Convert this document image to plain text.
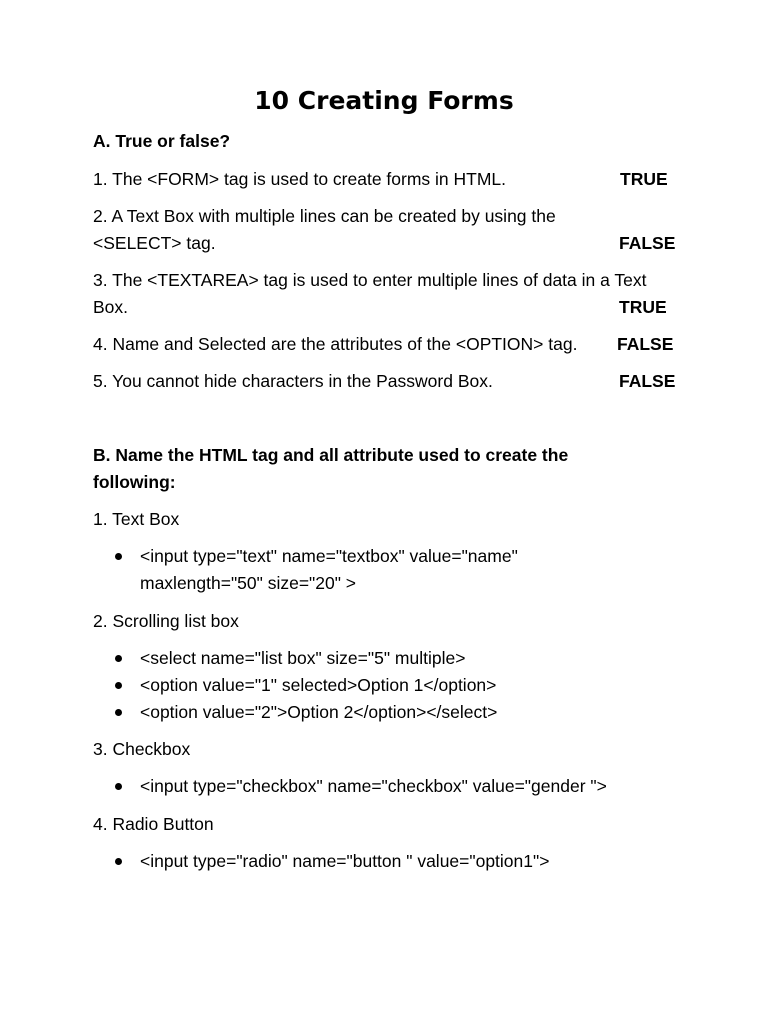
10 Creating Forms
A. True or false?
1. The <FORM> tag is used to create forms in HTML.	TRUE
2. A Text Box with multiple lines can be created by using the
<SELECT> tag.	FALSE
3. The <TEXTAREA> tag is used to enter multiple lines of data in a Text
Box.	TRUE
4. Name and Selected are the attributes of the <OPTION> tag. FALSE
5. You cannot hide characters in the Password Box.	FALSE
B. Name the HTML tag and all attribute used to create the
following:
1. Text Box
<input type="text" name="textbox" value="name"
maxlength="50" size="20" >
2. Scrolling list box
<select name="list box" size="5" multiple>
<option value="1" selected>Option 1</option>
<option value="2">Option 2</option></select>
3. Checkbox
<input type="checkbox" name="checkbox" value="gender ">
4. Radio Button
<input type="radio" name="button " value="option1">
